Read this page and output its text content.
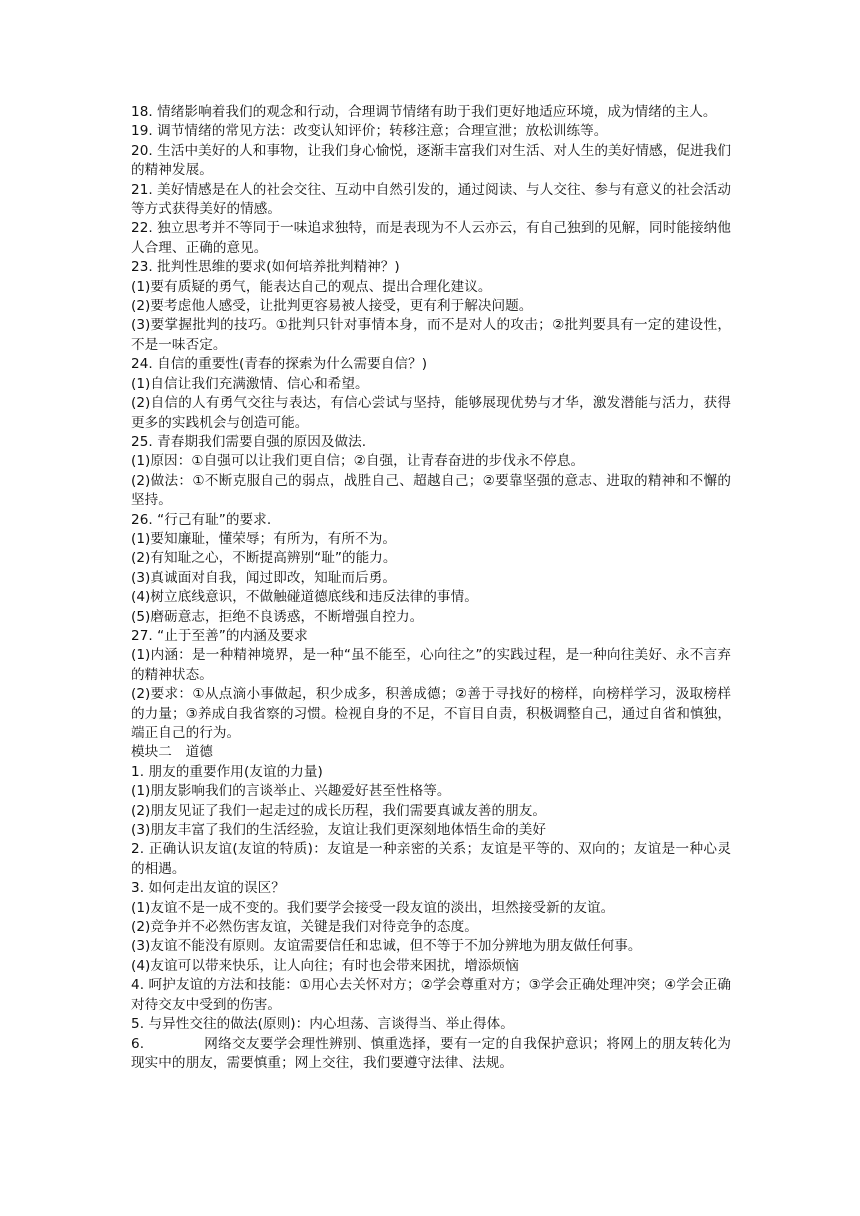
18. 情绪影响着我们的观念和行动，合理调节情绪有助于我们更好地适应环境，成为情绪的主人。

19. 调节情绪的常见方法：改变认知评价；转移注意；合理宣泄；放松训练等。

20. 生活中美好的人和事物，让我们身心愉悦，逐渐丰富我们对生活、对人生的美好情感，促进我们的精神发展。

21. 美好情感是在人的社会交往、互动中自然引发的，通过阅读、与人交往、参与有意义的社会活动等方式获得美好的情感。

22. 独立思考并不等同于一味追求独特，而是表现为不人云亦云，有自己独到的见解，同时能接纳他人合理、正确的意见。

23. 批判性思维的要求(如何培养批判精神？)

(1)要有质疑的勇气，能表达自己的观点、提出合理化建议。

(2)要考虑他人感受，让批判更容易被人接受，更有利于解决问题。

(3)要掌握批判的技巧。①批判只针对事情本身，而不是对人的攻击；②批判要具有一定的建设性，不是一味否定。

24. 自信的重要性(青春的探索为什么需要自信？)

(1)自信让我们充满激情、信心和希望。

(2)自信的人有勇气交往与表达，有信心尝试与坚持，能够展现优势与才华，激发潜能与活力，获得更多的实践机会与创造可能。

25. 青春期我们需要自强的原因及做法.

(1)原因：①自强可以让我们更自信；②自强，让青春奋进的步伐永不停息。

(2)做法：①不断克服自己的弱点，战胜自己、超越自己；②要靠坚强的意志、进取的精神和不懈的坚持。

26. “行己有耻”的要求.

(1)要知廉耻，懂荣辱；有所为，有所不为。

(2)有知耻之心，不断提高辨别“耻”的能力。

(3)真诚面对自我，闻过即改，知耻而后勇。

(4)树立底线意识，不做触碰道德底线和违反法律的事情。

(5)磨砺意志，拒绝不良诱惑，不断增强自控力。

27. “止于至善”的内涵及要求

(1)内涵：是一种精神境界，是一种“虽不能至，心向往之”的实践过程，是一种向往美好、永不言弃的精神状态。

(2)要求：①从点滴小事做起，积少成多，积善成德；②善于寻找好的榜样，向榜样学习，汲取榜样的力量；③养成自我省察的习惯。检视自身的不足，不盲目自责，积极调整自己，通过自省和慎独，端正自己的行为。

模块二　道德

1. 朋友的重要作用(友谊的力量)

(1)朋友影响我们的言谈举止、兴趣爱好甚至性格等。

(2)朋友见证了我们一起走过的成长历程，我们需要真诚友善的朋友。

(3)朋友丰富了我们的生活经验，友谊让我们更深刻地体悟生命的美好

2. 正确认识友谊(友谊的特质)：友谊是一种亲密的关系；友谊是平等的、双向的；友谊是一种心灵的相遇。

3. 如何走出友谊的误区？

(1)友谊不是一成不变的。我们要学会接受一段友谊的淡出，坦然接受新的友谊。

(2)竞争并不必然伤害友谊，关键是我们对待竞争的态度。

(3)友谊不能没有原则。友谊需要信任和忠诚，但不等于不加分辨地为朋友做任何事。

(4)友谊可以带来快乐，让人向往；有时也会带来困扰，增添烦恼

4. 呵护友谊的方法和技能：①用心去关怀对方；②学会尊重对方；③学会正确处理冲突；④学会正确对待交友中受到的伤害。

5. 与异性交往的做法(原则)：内心坦荡、言谈得当、举止得体。

6.	网络交友要学会理性辨别、慎重选择，要有一定的自我保护意识；将网上的朋友转化为现实中的朋友，需要慎重；网上交往，我们要遵守法律、法规。
